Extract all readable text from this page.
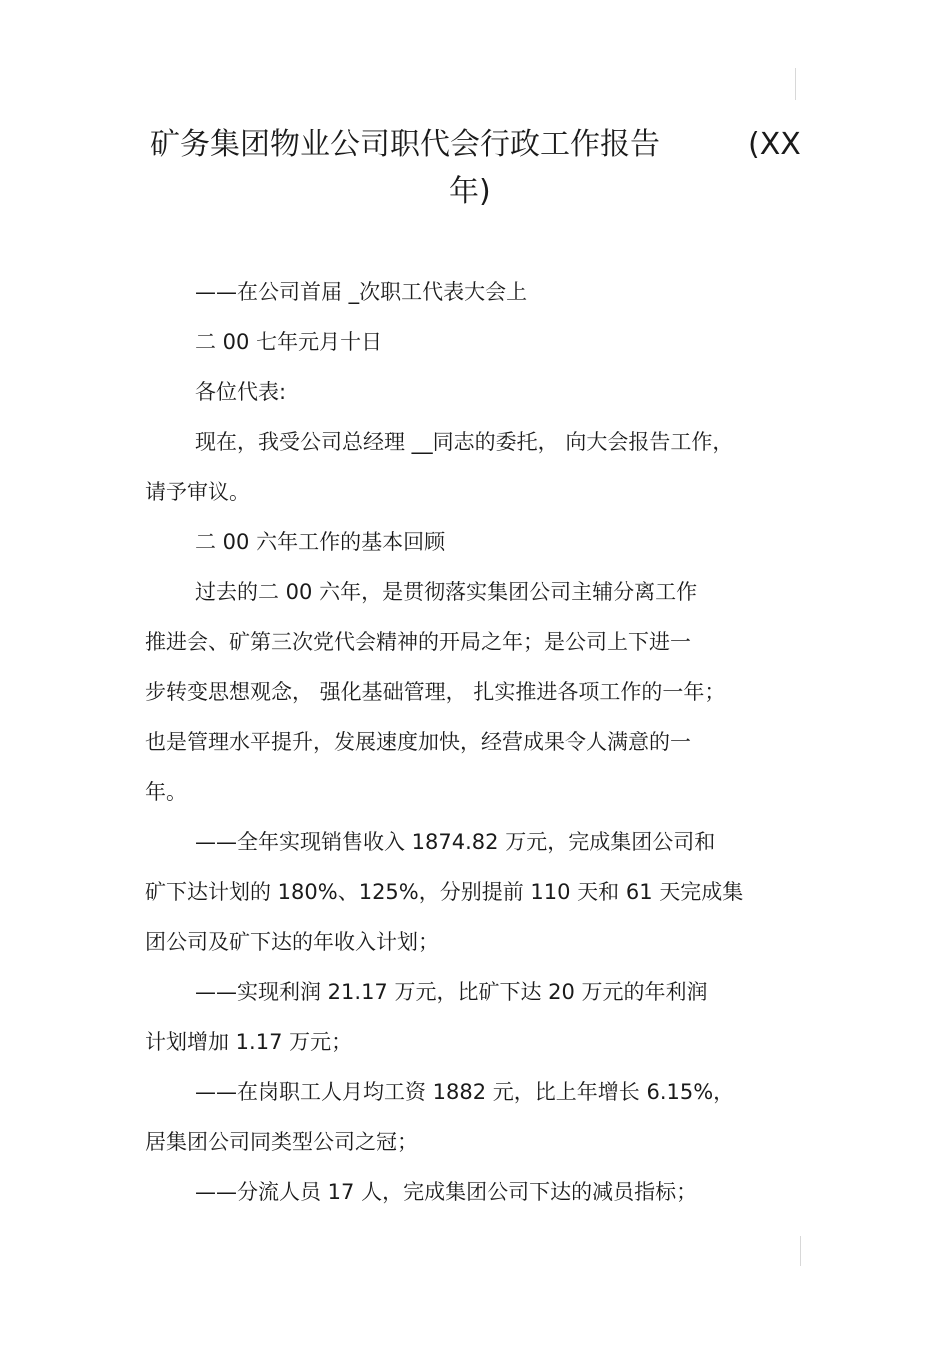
矿务集团物业公司职代会行政工作报告	(XX
年)
——在公司首届 _次职工代表大会上
二 00 七年元月十日
各位代表:
现在，我受公司总经理 __同志的委托， 向大会报告工作，
请予审议。
二 00 六年工作的基本回顾
过去的二 00 六年，是贯彻落实集团公司主辅分离工作
推进会、矿第三次党代会精神的开局之年；是公司上下进一
步转变思想观念， 强化基础管理， 扎实推进各项工作的一年；
也是管理水平提升，发展速度加快，经营成果令人满意的一
年。
——全年实现销售收入 1874.82 万元，完成集团公司和
矿下达计划的 180%、125%，分别提前 110 天和 61 天完成集
团公司及矿下达的年收入计划；
——实现利润 21.17 万元，比矿下达 20 万元的年利润
计划增加 1.17 万元；
——在岗职工人月均工资 1882 元，比上年增长 6.15%，
居集团公司同类型公司之冠；
——分流人员 17 人，完成集团公司下达的减员指标；
